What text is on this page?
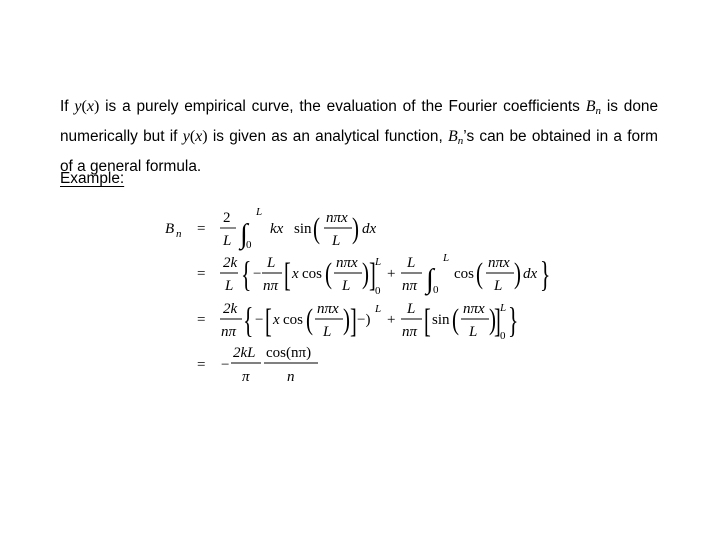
If y(x) is a purely empirical curve, the evaluation of the Fourier coefficients $B_n$ is done numerically but if y(x) is given as an analytical function, $B_n’s$ can be obtained in a form of a general formula.
Example:
B n =
2
L ∫
L
0
kx sin ( nπx
L ) dx
=
2k
L { −
L
nπ [ x cos ( nπx
L ) ] L
0
+
L
nπ ∫
L
0
cos ( nπx
L ) dx }
=
2k
nπ { − [ x cos ( nπx
L ) ] −)
L
+
L
nπ [ sin ( nπx
L )
] L
0 }
= −
2kL
π
cos(nπ)
n
